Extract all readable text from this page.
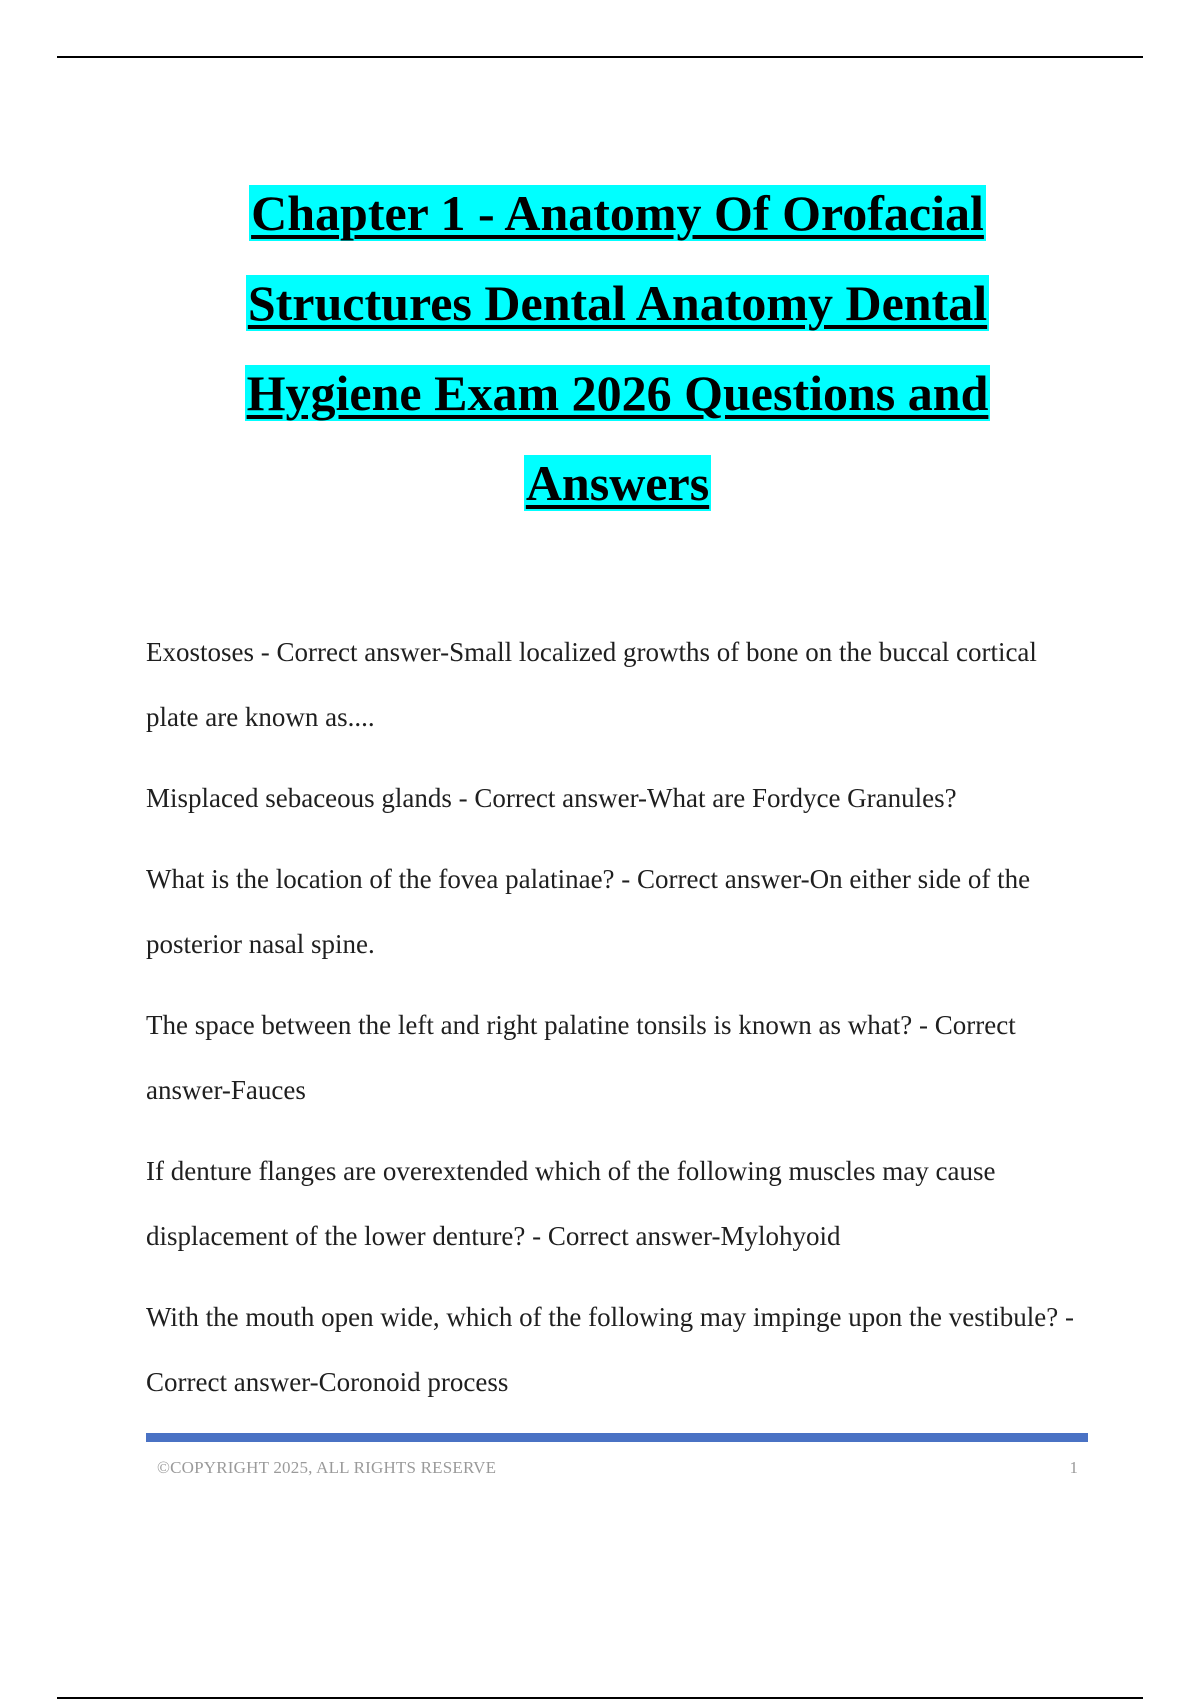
Chapter 1 - Anatomy Of Orofacial
Structures Dental Anatomy Dental
Hygiene Exam 2026 Questions and
Answers

Exostoses - Correct answer-Small localized growths of bone on the buccal cortical plate are known as....

Misplaced sebaceous glands - Correct answer-What are Fordyce Granules?

What is the location of the fovea palatinae? - Correct answer-On either side of the posterior nasal spine.

The space between the left and right palatine tonsils is known as what? - Correct answer-Fauces

If denture flanges are overextended which of the following muscles may cause displacement of the lower denture? - Correct answer-Mylohyoid

With the mouth open wide, which of the following may impinge upon the vestibule? - Correct answer-Coronoid process

©COPYRIGHT 2025, ALL RIGHTS RESERVE	1
